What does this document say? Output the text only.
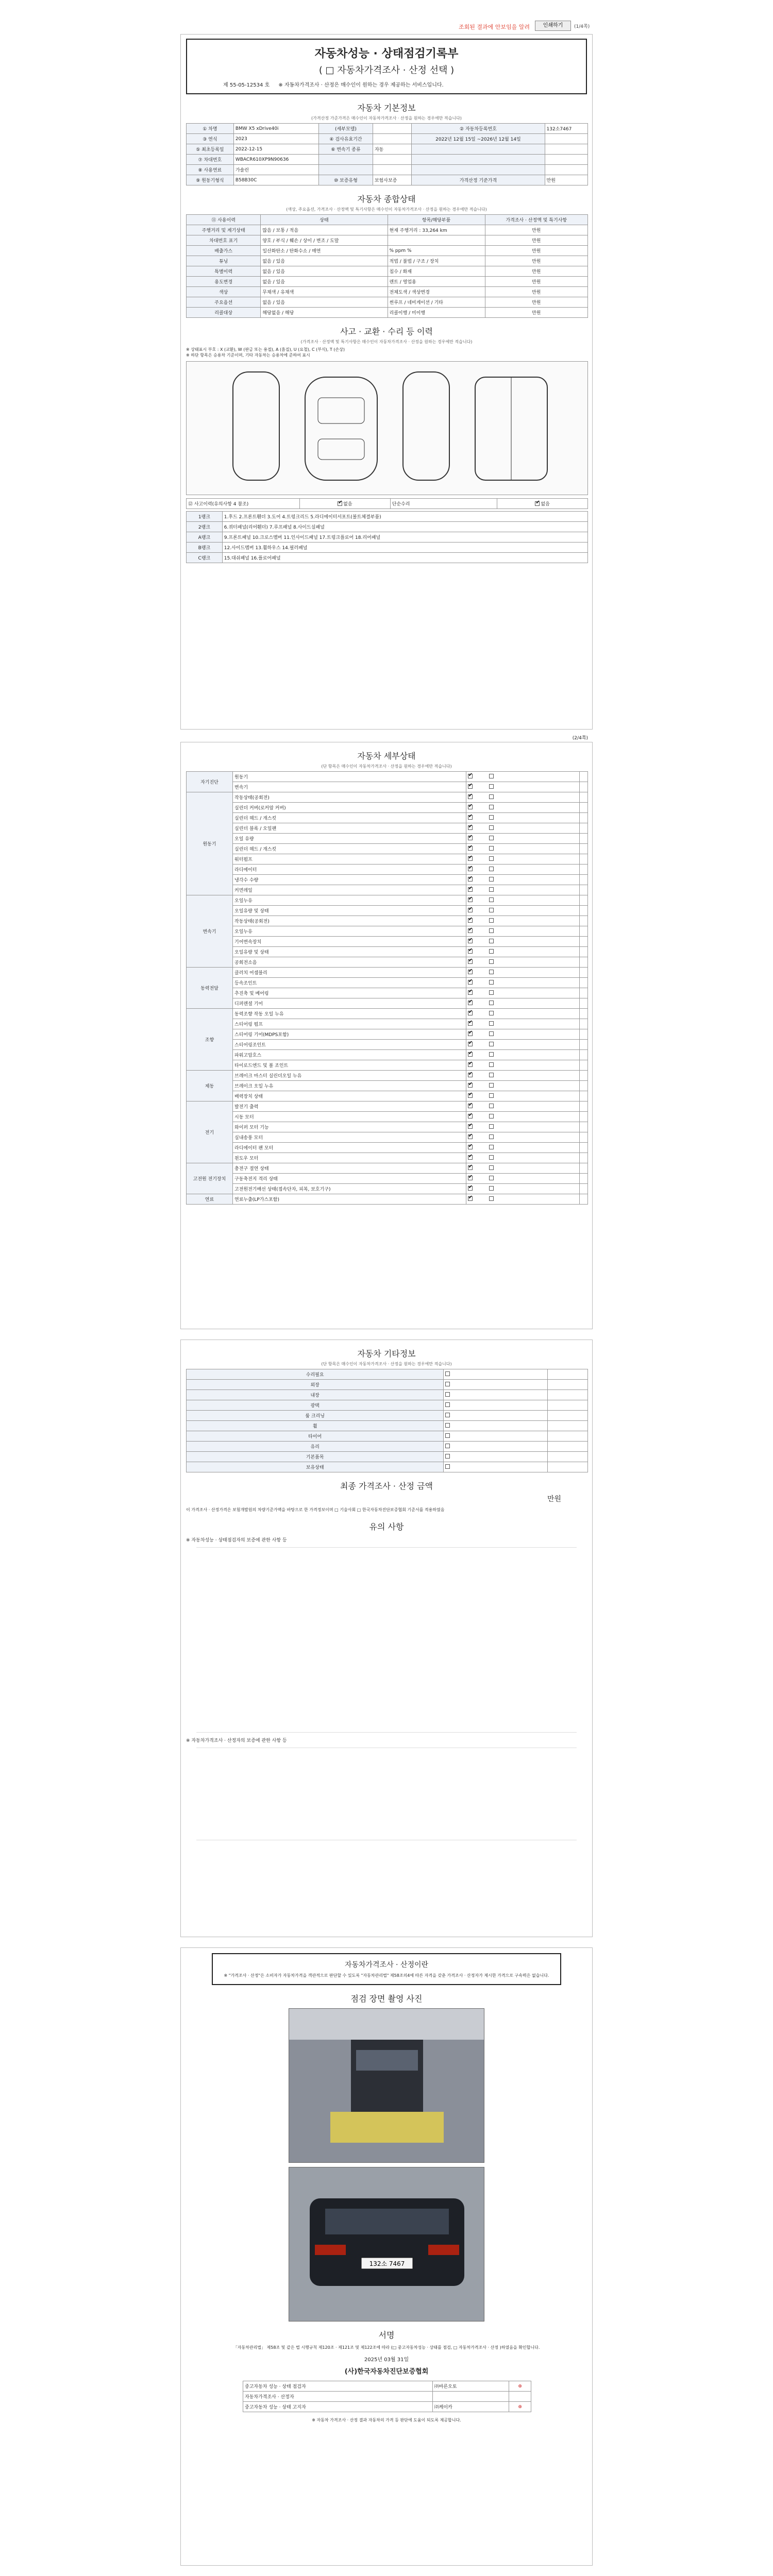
조회된 결과에 안보임을 알려	인쇄하기	(1/4쪽)
자동차성능 · 상태점검기록부
( □ 자동차가격조사 · 산정 선택 )
제 55-05-12534 호 ※ 자동차가격조사 · 산정은 매수인이 원하는 경우 제공하는 서비스입니다.
자동차 기본정보
(가격산정 가준가격은 매수인이 자동차가격조사 · 산정을 원하는 경우에만 적습니다)
① 차명	BMW X5 xDrive40i	(세부모델)		② 자동차등록번호	132소7467
③ 연식	2023	④ 검사유효기간		2022년 12월 15일 ~2026년 12월 14일	
⑤ 최초등록일	2022-12-15	⑥ 변속기 종류	자동		
⑦ 차대번호	WBACR610XP9N90636				
⑧ 사용연료	가솔린				
⑨ 원동기형식	B58B30C	⑩ 보증유형	보험사보증	가격산정 기준가격	만원
자동차 종합상태
(색상, 주요옵션, 가격조사 · 산정액 및 특기사항은 매수인이 자동차가격조사 · 산정을 원하는 경우에만 적습니다)
⑪ 사용이력	상태	항목/해당부품	가격조사 · 산정액 및 특기사항
주행거리 및 계기상태	많음 / 보통 / 적음	현재 주행거리 : 33,264 km	만원
차대번호 표기	양호 / 부식 / 훼손 / 상이 / 변조 / 도말		만원
배출가스	일산화탄소 / 탄화수소 / 매연	% ppm %	만원
튜닝	없음 / 있음	적법 / 불법 / 구조 / 장치	만원
특별이력	없음 / 있음	침수 / 화재	만원
용도변경	없음 / 있음	렌트 / 영업용	만원
색상	무채색 / 유채색	전체도색 / 색상변경	만원
주요옵션	없음 / 있음	썬루프 / 네비게이션 / 기타	만원
리콜대상	해당없음 / 해당	리콜이행 / 미이행	만원
사고 · 교환 · 수리 등 이력
(가격조사 · 산정액 및 특기사항은 매수인이 자동차가격조사 · 산정을 원하는 경우에만 적습니다)
※ 상태표시 부호 : X (교환), W (판금 또는 용접), A (흠집), U (요철), C (부식), T (손상)
※ 하단 항목은 승용차 기준이며, 기타 자동차는 승용차에 준하여 표시
⑫ 사고이력(유의사항 4 참조)	✔없음	단순수리	✔없음
1랭크	1.후드 2.프론트휀더 3.도어 4.트렁크리드 5.라디에이터서포트(볼트체결부품)
2랭크	6.쿼터패널(리어휀더) 7.루프패널 8.사이드실패널
A랭크	9.프론트패널 10.크로스멤버 11.인사이드패널 17.트렁크플로어 18.리어패널
B랭크	12.사이드멤버 13.휠하우스 14.필러패널
C랭크	15.대쉬패널 16.플로어패널
(2/4쪽)
자동차 세부상태
(단 항목은 매수인이 자동차가격조사 · 산정을 원하는 경우에만 적습니다)
자기진단	원동기	✔	
	변속기	✔	
원동기	작동상태(공회전)	✔	
	실린더 커버(로커암 커버)	✔	
	실린더 헤드 / 개스킷	✔	
	실린더 블록 / 오일팬	✔	
	오일 유량	✔	
	실린더 헤드 / 개스킷	✔	
	워터펌프	✔	
	라디에이터	✔	
	냉각수 수량	✔	
	커먼레일	✔	
변속기	오일누유	✔	
	오일유량 및 상태	✔	
	작동상태(공회전)	✔	
	오일누유	✔	
	기어변속장치	✔	
	오일유량 및 상태	✔	
	공회전소음	✔	
동력전달	클러치 어셈블리	✔	
	등속조인트	✔	
	추진축 및 베어링	✔	
	디퍼렌셜 기어	✔	
조향	동력조향 작동 오일 누유	✔	
	스티어링 펌프	✔	
	스티어링 기어(MDPS포함)	✔	
	스티어링조인트	✔	
	파워고압호스	✔	
	타이로드엔드 및 볼 조인트	✔	
제동	브레이크 마스터 실린더오일 누유	✔	
	브레이크 오일 누유	✔	
	배력장치 상태	✔	
전기	발전기 출력	✔	
	시동 모터	✔	
	와이퍼 모터 기능	✔	
	실내송풍 모터	✔	
	라디에이터 팬 모터	✔	
	윈도우 모터	✔	
고전원 전기장치	충전구 절연 상태	✔	
	구동축전지 격리 상태	✔	
	고전원전기배선 상태(접속단자, 피복, 보호기구)	✔	
연료	연료누출(LP가스포함)	✔	
자동차 기타정보
(단 항목은 매수인이 자동차가격조사 · 산정을 원하는 경우에만 적습니다)
수리필요		
외장		
내장		
광택		
룸 크리닝		
휠		
타이어		
유리		
기본품목		
보유상태		
최종 가격조사 · 산정 금액
만원
이 가격조사 · 산정가격은 보험개발원의 차량기준가액을 바탕으로 한 가격정보이며 □ 기술사회 □ 한국자동차진단보증협회 기준서를 적용하였음
유의 사항
※ 자동차성능 · 상태점검자의 보증에 관한 사항 등
※ 자동차가격조사 · 산정자의 보증에 관한 사항 등
자동차가격조사 · 산정이란
※ "가격조사 · 산정"은 소비자가 자동차가격을 객관적으로 판단할 수 있도록 "자동차관리법" 제58조의4에 따른 자격을 갖춘 가격조사 · 산정자가 제시한 가격으로 구속력은 없습니다.
점검 장면 촬영 사진
132소 7467
서명
「자동차관리법」 제58조 및 같은 법 시행규칙 제120조 · 제121조 및 제122조에 따라 (□ 중고자동차성능 · 상태를 점검, □ 자동차가격조사 · 산정 )하였음을 확인합니다.
2025년 03월 31일
(사)한국자동차진단보증협회
중고자동차 성능 · 상태 점검자	㈜바른오토	⊕
자동차가격조사 · 산정자		
중고자동차 성능 · 상태 고지자	㈜케이카	⊕
※ 자동차 가격조사 · 산정 결과 자동차의 가격 등 판단에 도움이 되도록 제공합니다.
